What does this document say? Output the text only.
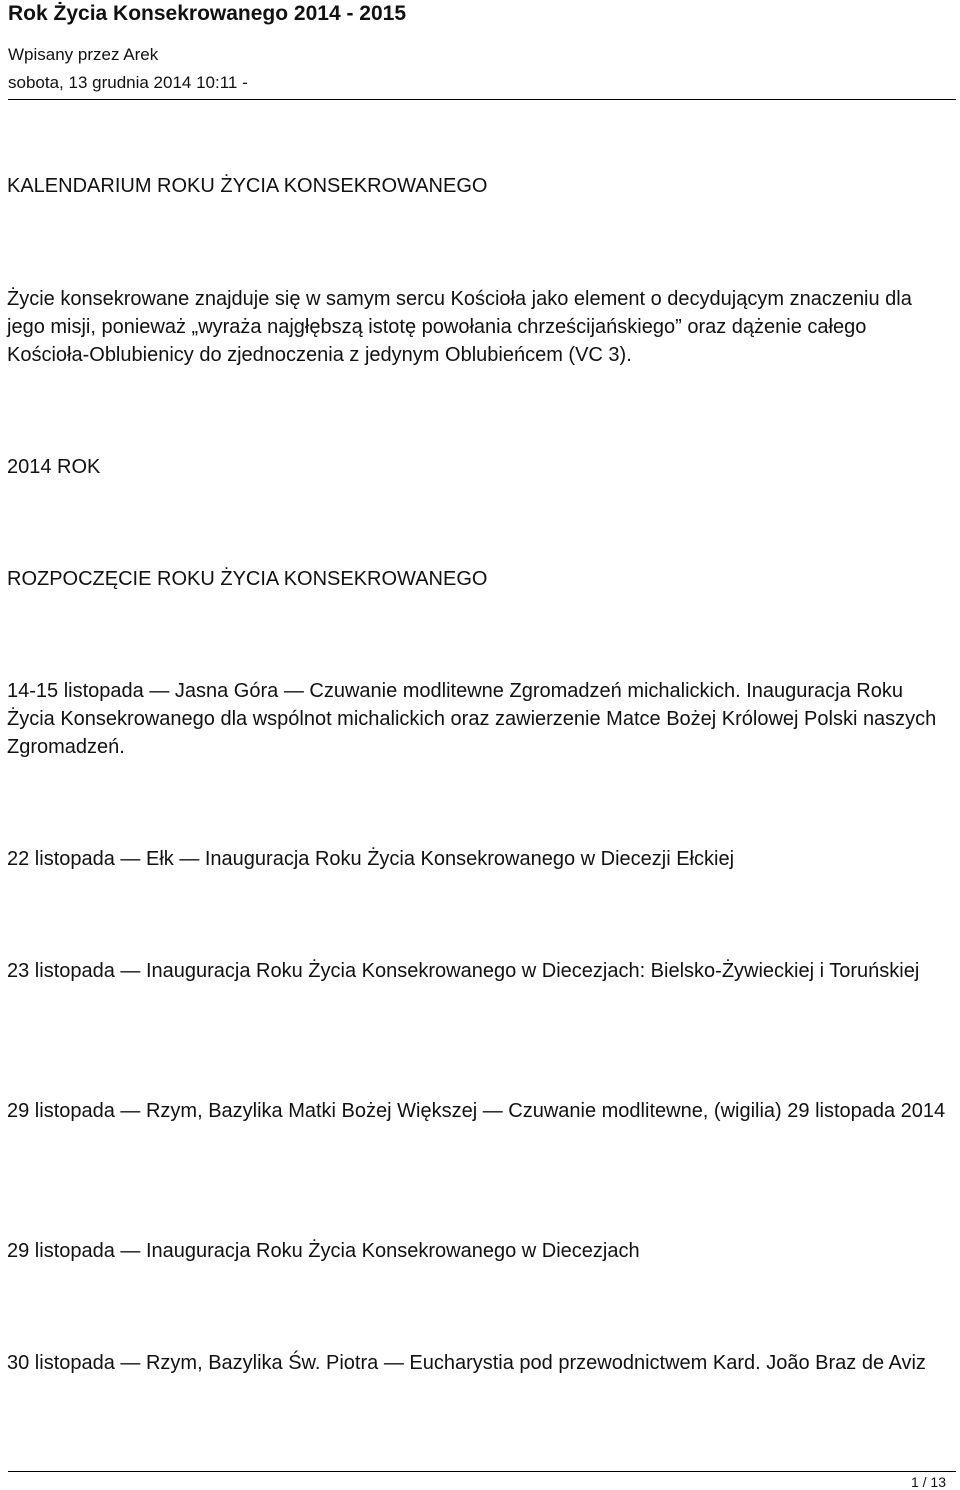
Rok Życia Konsekrowanego 2014 - 2015
Wpisany przez Arek
sobota, 13 grudnia 2014 10:11 -

KALENDARIUM ROKU ŻYCIA KONSEKROWANEGO

Życie konsekrowane znajduje się w samym sercu Kościoła jako element o decydującym znaczeniu dla jego misji, ponieważ „wyraża najgłębszą istotę powołania chrześcijańskiego” oraz dążenie całego Kościoła-Oblubienicy do zjednoczenia z jedynym Oblubieńcem (VC 3).

2014 ROK

ROZPOCZĘCIE ROKU ŻYCIA KONSEKROWANEGO

14-15 listopada — Jasna Góra — Czuwanie modlitewne Zgromadzeń michalickich. Inauguracja Roku Życia Konsekrowanego dla wspólnot michalickich oraz zawierzenie Matce Bożej Królowej Polski naszych Zgromadzeń.

22 listopada — Ełk — Inauguracja Roku Życia Konsekrowanego w Diecezji Ełckiej

23 listopada — Inauguracja Roku Życia Konsekrowanego w Diecezjach: Bielsko-Żywieckiej i Toruńskiej

29 listopada — Rzym, Bazylika Matki Bożej Większej — Czuwanie modlitewne, (wigilia) 29 listopada 2014

29 listopada — Inauguracja Roku Życia Konsekrowanego w Diecezjach

30 listopada — Rzym, Bazylika Św. Piotra — Eucharystia pod przewodnictwem Kard. João Braz de Aviz

1 / 13
